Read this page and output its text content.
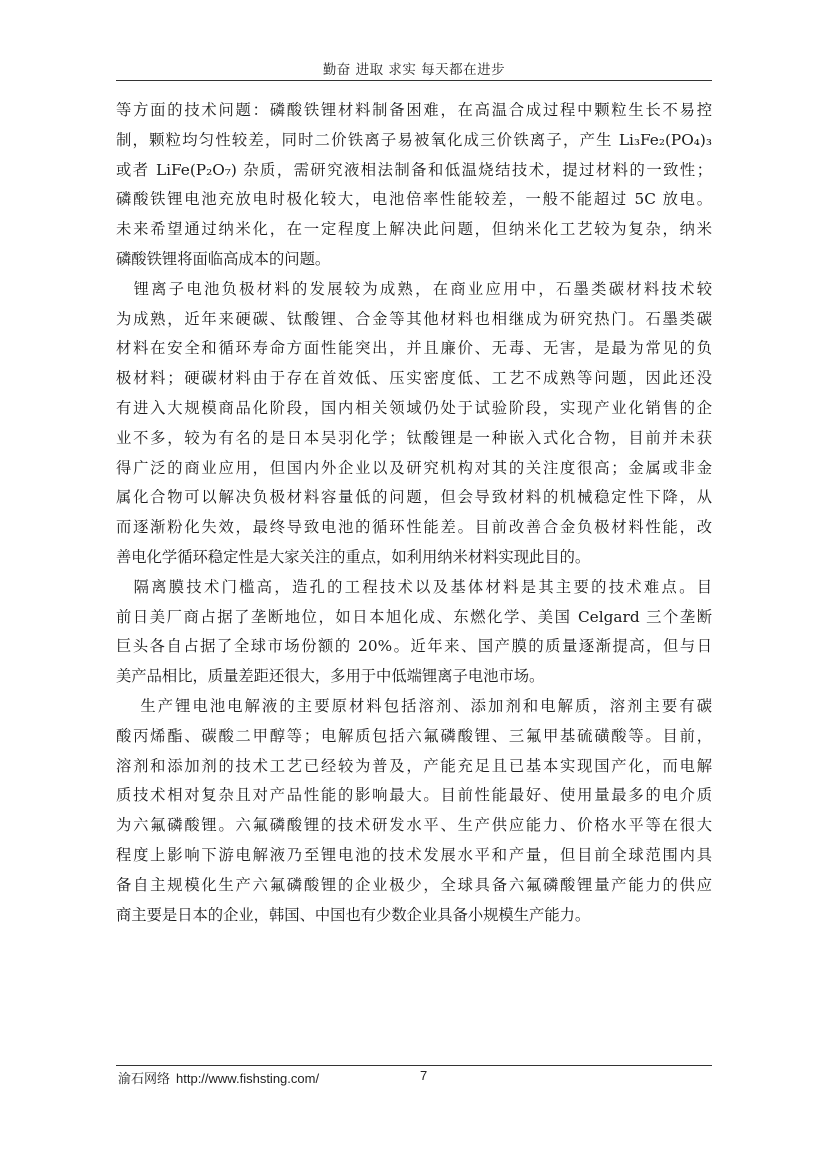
勤奋 进取 求实 每天都在进步

等方面的技术问题：磷酸铁锂材料制备困难，在高温合成过程中颗粒生长不易控
制，颗粒均匀性较差，同时二价铁离子易被氧化成三价铁离子，产生 Li₃Fe₂(PO₄)₃
或者 LiFe(P₂O₇) 杂质，需研究液相法制备和低温烧结技术，提过材料的一致性；
磷酸铁锂电池充放电时极化较大，电池倍率性能较差，一般不能超过 5C 放电。
未来希望通过纳米化，在一定程度上解决此问题，但纳米化工艺较为复杂，纳米
磷酸铁锂将面临高成本的问题。

　锂离子电池负极材料的发展较为成熟，在商业应用中，石墨类碳材料技术较
为成熟，近年来硬碳、钛酸锂、合金等其他材料也相继成为研究热门。石墨类碳
材料在安全和循环寿命方面性能突出，并且廉价、无毒、无害，是最为常见的负
极材料；硬碳材料由于存在首效低、压实密度低、工艺不成熟等问题，因此还没
有进入大规模商品化阶段，国内相关领域仍处于试验阶段，实现产业化销售的企
业不多，较为有名的是日本吴羽化学；钛酸锂是一种嵌入式化合物，目前并未获
得广泛的商业应用，但国内外企业以及研究机构对其的关注度很高；金属或非金
属化合物可以解决负极材料容量低的问题，但会导致材料的机械稳定性下降，从
而逐渐粉化失效，最终导致电池的循环性能差。目前改善合金负极材料性能，改
善电化学循环稳定性是大家关注的重点，如利用纳米材料实现此目的。

　隔离膜技术门槛高，造孔的工程技术以及基体材料是其主要的技术难点。目
前日美厂商占据了垄断地位，如日本旭化成、东燃化学、美国 Celgard 三个垄断
巨头各自占据了全球市场份额的 20%。近年来、国产膜的质量逐渐提高，但与日
美产品相比，质量差距还很大，多用于中低端锂离子电池市场。

　 生产锂电池电解液的主要原材料包括溶剂、添加剂和电解质，溶剂主要有碳
酸丙烯酯、碳酸二甲醇等；电解质包括六氟磷酸锂、三氟甲基硫磺酸等。目前，
溶剂和添加剂的技术工艺已经较为普及，产能充足且已基本实现国产化，而电解
质技术相对复杂且对产品性能的影响最大。目前性能最好、使用量最多的电介质
为六氟磷酸锂。六氟磷酸锂的技术研发水平、生产供应能力、价格水平等在很大
程度上影响下游电解液乃至锂电池的技术发展水平和产量，但目前全球范围内具
备自主规模化生产六氟磷酸锂的企业极少，全球具备六氟磷酸锂量产能力的供应
商主要是日本的企业，韩国、中国也有少数企业具备小规模生产能力。

渝石网络 http://www.fishsting.com/	7
